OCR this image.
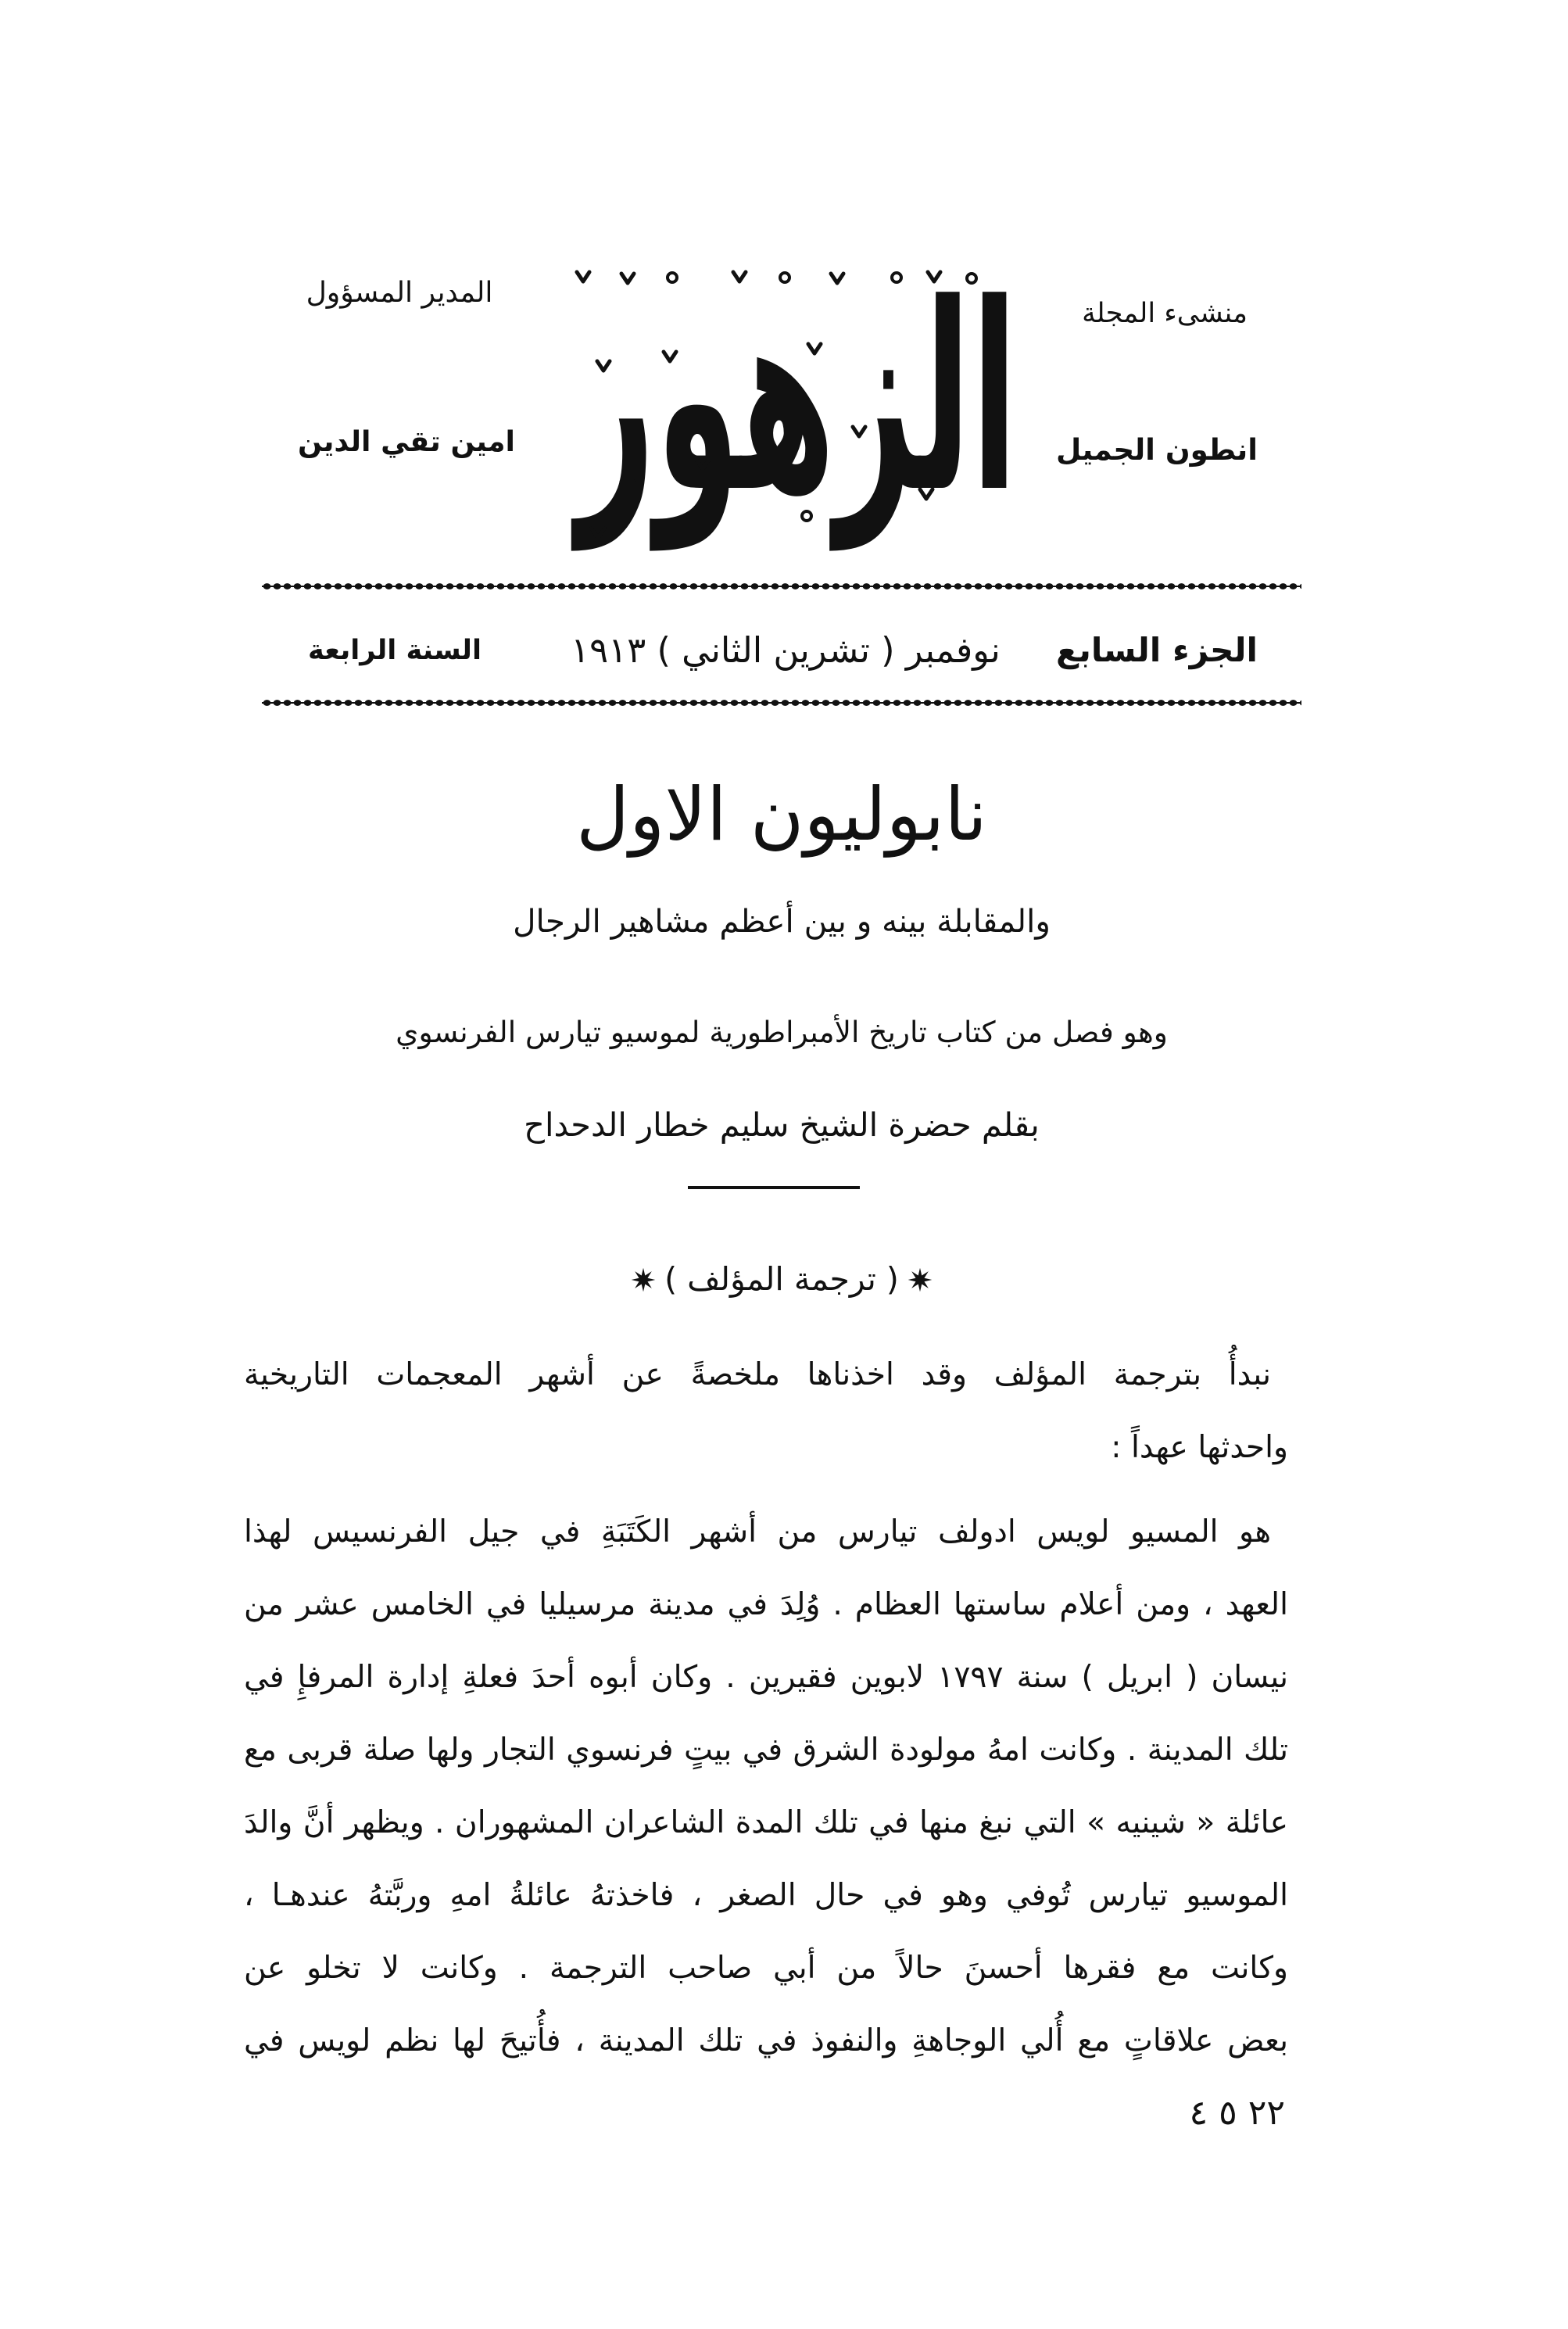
منشىء المجلة
انطون الجميل
المدير المسؤول
امين تقي الدين الزهور
الجزء السابع
نوفمبر ( تشرين الثاني ) ١٩١٣
السنة الرابعة
نابوليون الاول
والمقابلة بينه و بين أعظم مشاهير الرجال
وهو فصل من كتاب تاريخ الأمبراطورية لموسيو تيارس الفرنسوي
بقلم حضرة الشيخ سليم خطار الدحداح
( ترجمة المؤلف )
نبدأُ بترجمة المؤلف وقد اخذناها ملخصةً عن أشهر المعجمات التاريخية
واحدثها عهداً :
هو المسيو لويس ادولف تيارس من أشهر الكَتَبَةِ في جيل الفرنسيس لهذا
العهد ، ومن أعلام ساستها العظام . وُلِدَ في مدينة مرسيليا في الخامس عشر من
نيسان ( ابريل ) سنة ١٧٩٧ لابوين فقيرين . وكان أبوه أحدَ فعلةِ إدارة المرفإِ في
تلك المدينة . وكانت امهُ مولودة الشرق في بيتٍ فرنسوي التجار ولها صلة قربى مع
عائلة « شينيه » التي نبغ منها في تلك المدة الشاعران المشهوران . ويظهر أنَّ والدَ
الموسيو تيارس تُوفي وهو في حال الصغر ، فاخذتهُ عائلةُ امهِ وربَّتهُ عندهـا ،
وكانت مع فقرها أحسنَ حالاً من أبي صاحب الترجمة . وكانت لا تخلو عن
بعض علاقاتٍ مع أُلي الوجاهةِ والنفوذ في تلك المدينة ، فأُتيحَ لها نظم لويس في
٢٢ ٥ ٤
